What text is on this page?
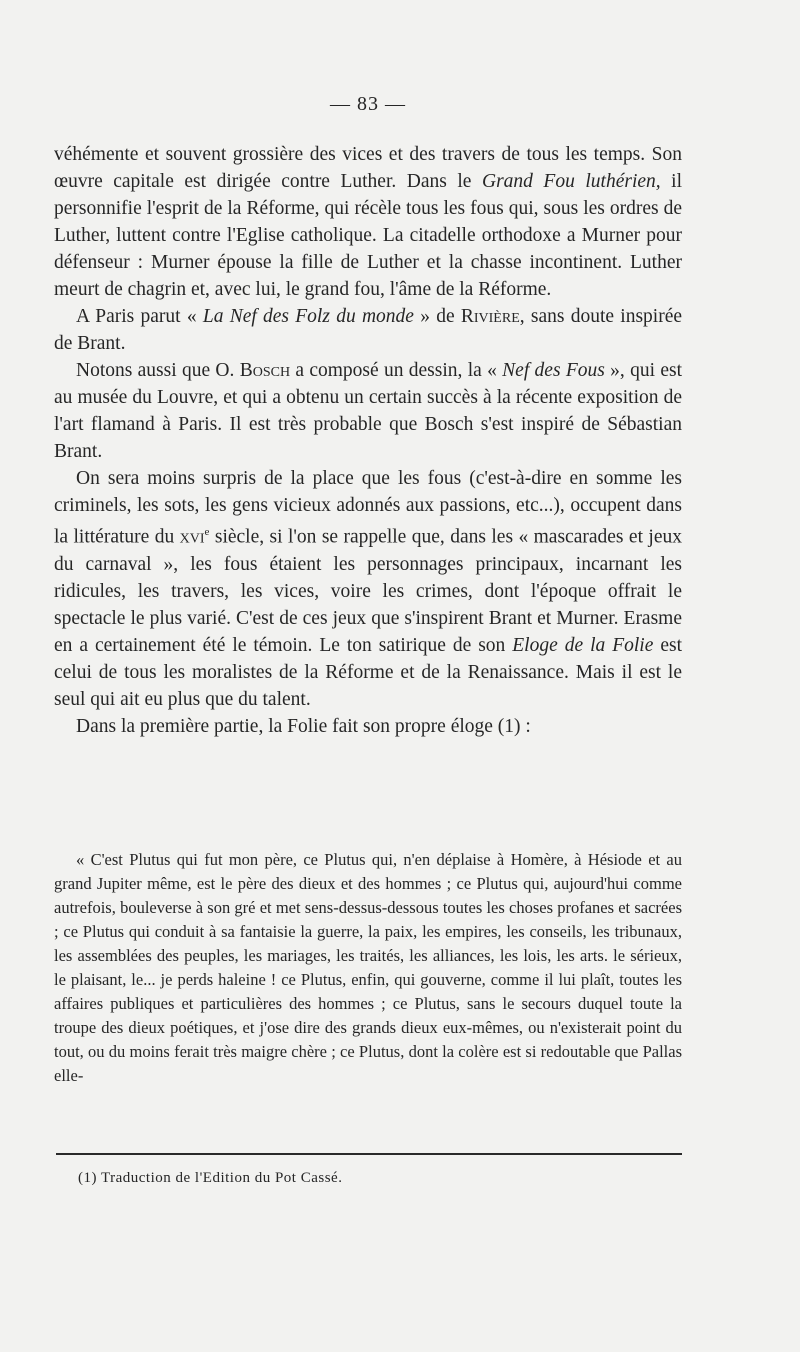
— 83 —

véhémente et souvent grossière des vices et des travers de tous les temps. Son œuvre capitale est dirigée contre Luther. Dans le Grand Fou luthérien, il personnifie l'esprit de la Réforme, qui récèle tous les fous qui, sous les ordres de Luther, luttent contre l'Eglise catholique. La citadelle orthodoxe a Murner pour défenseur : Murner épouse la fille de Luther et la chasse incontinent. Luther meurt de chagrin et, avec lui, le grand fou, l'âme de la Réforme.

A Paris parut « La Nef des Folz du monde » de Rivière, sans doute inspirée de Brant.

Notons aussi que O. Bosch a composé un dessin, la « Nef des Fous », qui est au musée du Louvre, et qui a obtenu un certain succès à la récente exposition de l'art flamand à Paris. Il est très probable que Bosch s'est inspiré de Sébastian Brant.

On sera moins surpris de la place que les fous (c'est-à-dire en somme les criminels, les sots, les gens vicieux adonnés aux passions, etc...), occupent dans la littérature du xvi$^e$ siècle, si l'on se rappelle que, dans les « mascarades et jeux du carnaval », les fous étaient les personnages principaux, incarnant les ridicules, les travers, les vices, voire les crimes, dont l'époque offrait le spectacle le plus varié. C'est de ces jeux que s'inspirent Brant et Murner. Erasme en a certainement été le témoin. Le ton satirique de son Eloge de la Folie est celui de tous les moralistes de la Réforme et de la Renaissance. Mais il est le seul qui ait eu plus que du talent.

Dans la première partie, la Folie fait son propre éloge (1) :

« C'est Plutus qui fut mon père, ce Plutus qui, n'en déplaise à Homère, à Hésiode et au grand Jupiter même, est le père des dieux et des hommes ; ce Plutus qui, aujourd'hui comme autrefois, bouleverse à son gré et met sens-dessus-dessous toutes les choses profanes et sacrées ; ce Plutus qui conduit à sa fantaisie la guerre, la paix, les empires, les conseils, les tribunaux, les assemblées des peuples, les mariages, les traités, les alliances, les lois, les arts. le sérieux, le plaisant, le... je perds haleine ! ce Plutus, enfin, qui gouverne, comme il lui plaît, toutes les affaires publiques et particulières des hommes ; ce Plutus, sans le secours duquel toute la troupe des dieux poétiques, et j'ose dire des grands dieux eux-mêmes, ou n'existerait point du tout, ou du moins ferait très maigre chère ; ce Plutus, dont la colère est si redoutable que Pallas elle-

(1) Traduction de l'Edition du Pot Cassé.
